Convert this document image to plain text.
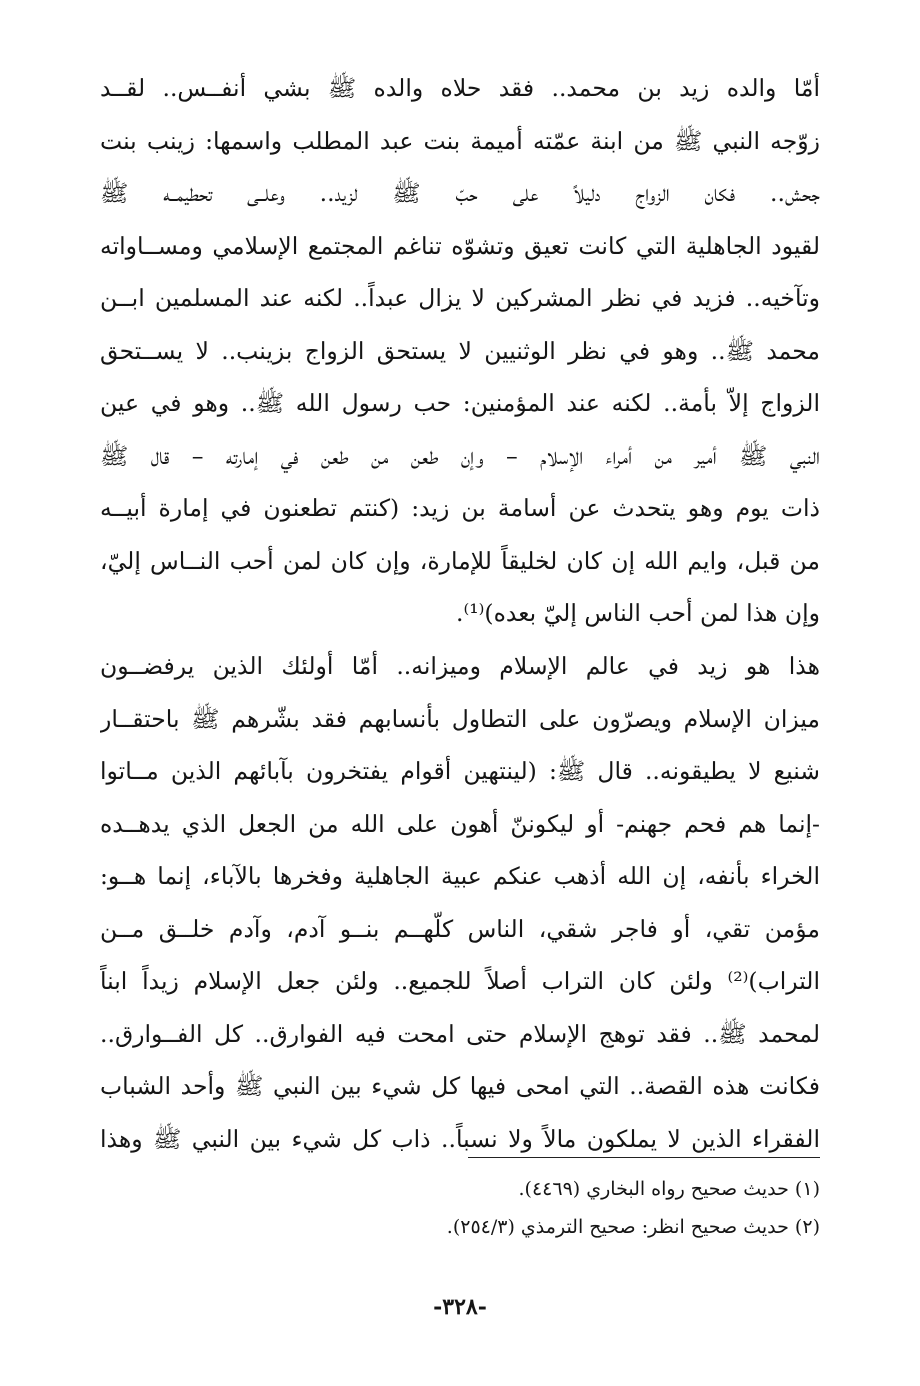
أمّا والده زيد بن محمد.. فقد حلاه والده ﷺ بشي أنفــس.. لقــد
زوّجه النبي ﷺ من ابنة عمّته أميمة بنت عبد المطلب واسمها: زينب بنت
جحش.. فكان الزواج دليلاً على حبّ ﷺ لزيد.. وعلــى تحطيمــه ﷺ
لقيود الجاهلية التي كانت تعيق وتشوّه تناغم المجتمع الإسلامي ومســاواته
وتآخيه.. فزيد في نظر المشركين لا يزال عبداً.. لكنه عند المسلمين ابــن
محمد ﷺ.. وهو في نظر الوثنيين لا يستحق الزواج بزينب.. لا يســتحق
الزواج إلاّ بأمة.. لكنه عند المؤمنين: حب رسول الله ﷺ.. وهو في عين
النبي ﷺ أمير من أمراء الإسلام – وإن طعن من طعن في إمارته – قال ﷺ
ذات يوم وهو يتحدث عن أسامة بن زيد: (كنتم تطعنون في إمارة أبيــه
من قبل، وايم الله إن كان لخليقاً للإمارة، وإن كان لمن أحب النــاس إليّ،
وإن هذا لمن أحب الناس إليّ بعده)⁽¹⁾.
هذا هو زيد في عالم الإسلام وميزانه.. أمّا أولئك الذين يرفضــون
ميزان الإسلام ويصرّون على التطاول بأنسابهم فقد بشّرهم ﷺ باحتقــار
شنيع لا يطيقونه.. قال ﷺ: (لينتهين أقوام يفتخرون بآبائهم الذين مــاتوا
-إنما هم فحم جهنم- أو ليكوننّ أهون على الله من الجعل الذي يدهــده
الخراء بأنفه، إن الله أذهب عنكم عبية الجاهلية وفخرها بالآباء، إنما هــو:
مؤمن تقي، أو فاجر شقي، الناس كلّهــم بنــو آدم، وآدم خلــق مــن
التراب)⁽²⁾ ولئن كان التراب أصلاً للجميع.. ولئن جعل الإسلام زيداً ابناً
لمحمد ﷺ.. فقد توهج الإسلام حتى امحت فيه الفوارق.. كل الفــوارق..
فكانت هذه القصة.. التي امحى فيها كل شيء بين النبي ﷺ وأحد الشباب
الفقراء الذين لا يملكون مالاً ولا نسباً.. ذاب كل شيء بين النبي ﷺ وهذا
(١) حديث صحيح رواه البخاري (٤٤٦٩).
(٢) حديث صحيح انظر: صحيح الترمذي (٢٥٤/٣).
-٣٢٨-
